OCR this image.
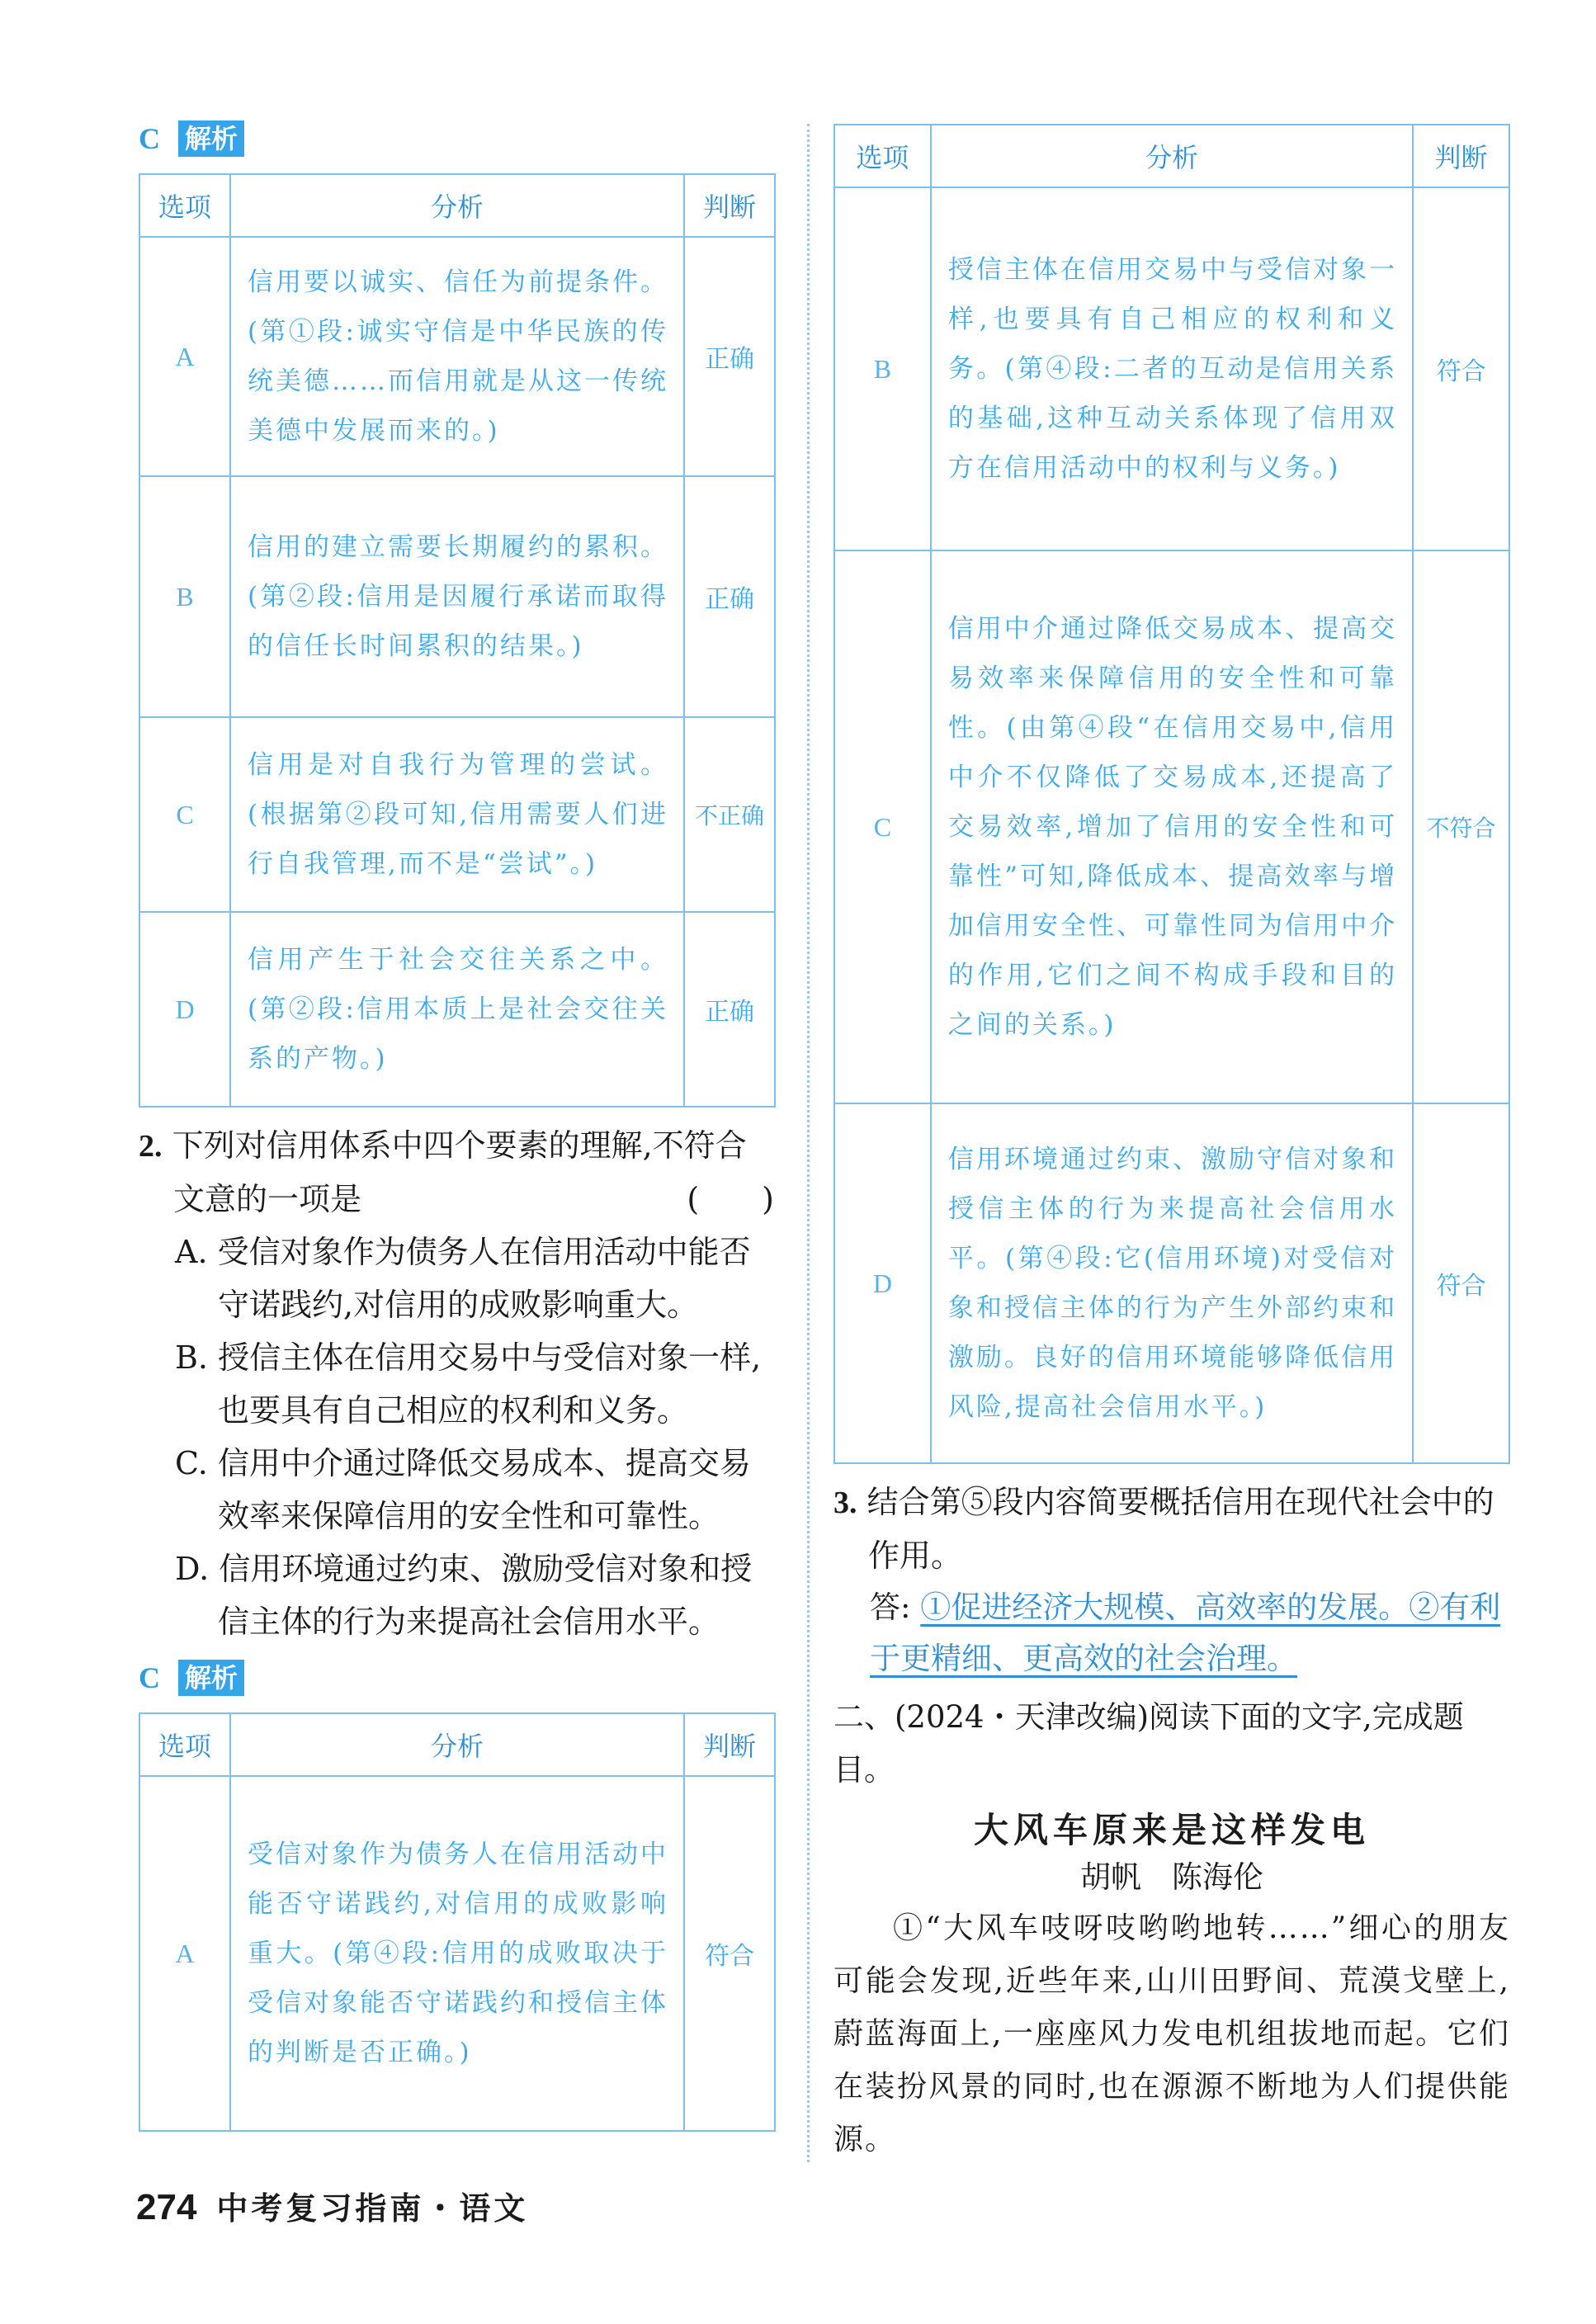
C 解析
选项	分析	判断
A	信用要以诚实、信任为前提条件。(第①段:诚实守信是中华民族的传统美德……而信用就是从这一传统美德中发展而来的。)	正确
B	信用的建立需要长期履约的累积。(第②段:信用是因履行承诺而取得的信任长时间累积的结果。)	正确
C	信用是对自我行为管理的尝试。(根据第②段可知,信用需要人们进行自我管理,而不是“尝试”。)	不正确
D	信用产生于社会交往关系之中。(第②段:信用本质上是社会交往关系的产物。)	正确
2. 下列对信用体系中四个要素的理解,不符合文意的一项是	(　　)
A. 受信对象作为债务人在信用活动中能否守诺践约,对信用的成败影响重大。
B. 授信主体在信用交易中与受信对象一样,也要具有自己相应的权利和义务。
C. 信用中介通过降低交易成本、提高交易效率来保障信用的安全性和可靠性。
D. 信用环境通过约束、激励受信对象和授信主体的行为来提高社会信用水平。
C 解析
选项	分析	判断
A	受信对象作为债务人在信用活动中能否守诺践约,对信用的成败影响重大。(第④段:信用的成败取决于受信对象能否守诺践约和授信主体的判断是否正确。)	符合
选项	分析	判断
B	授信主体在信用交易中与受信对象一样,也要具有自己相应的权利和义务。(第④段:二者的互动是信用关系的基础,这种互动关系体现了信用双方在信用活动中的权利与义务。)	符合
C	信用中介通过降低交易成本、提高交易效率来保障信用的安全性和可靠性。(由第④段“在信用交易中,信用中介不仅降低了交易成本,还提高了交易效率,增加了信用的安全性和可靠性”可知,降低成本、提高效率与增加信用安全性、可靠性同为信用中介的作用,它们之间不构成手段和目的之间的关系。)	不符合
D	信用环境通过约束、激励守信对象和授信主体的行为来提高社会信用水平。(第④段:它(信用环境)对受信对象和授信主体的行为产生外部约束和激励。良好的信用环境能够降低信用风险,提高社会信用水平。)	符合
3. 结合第⑤段内容简要概括信用在现代社会中的作用。
答: ①促进经济大规模、高效率的发展。②有利于更精细、更高效的社会治理。
二、(2024・天津改编)阅读下面的文字,完成题目。
大风车原来是这样发电
胡帆　陈海伦
①“大风车吱呀吱哟哟地转……”细心的朋友可能会发现,近些年来,山川田野间、荒漠戈壁上,蔚蓝海面上,一座座风力发电机组拔地而起。它们在装扮风景的同时,也在源源不断地为人们提供能源。
274 中考复习指南・语文
